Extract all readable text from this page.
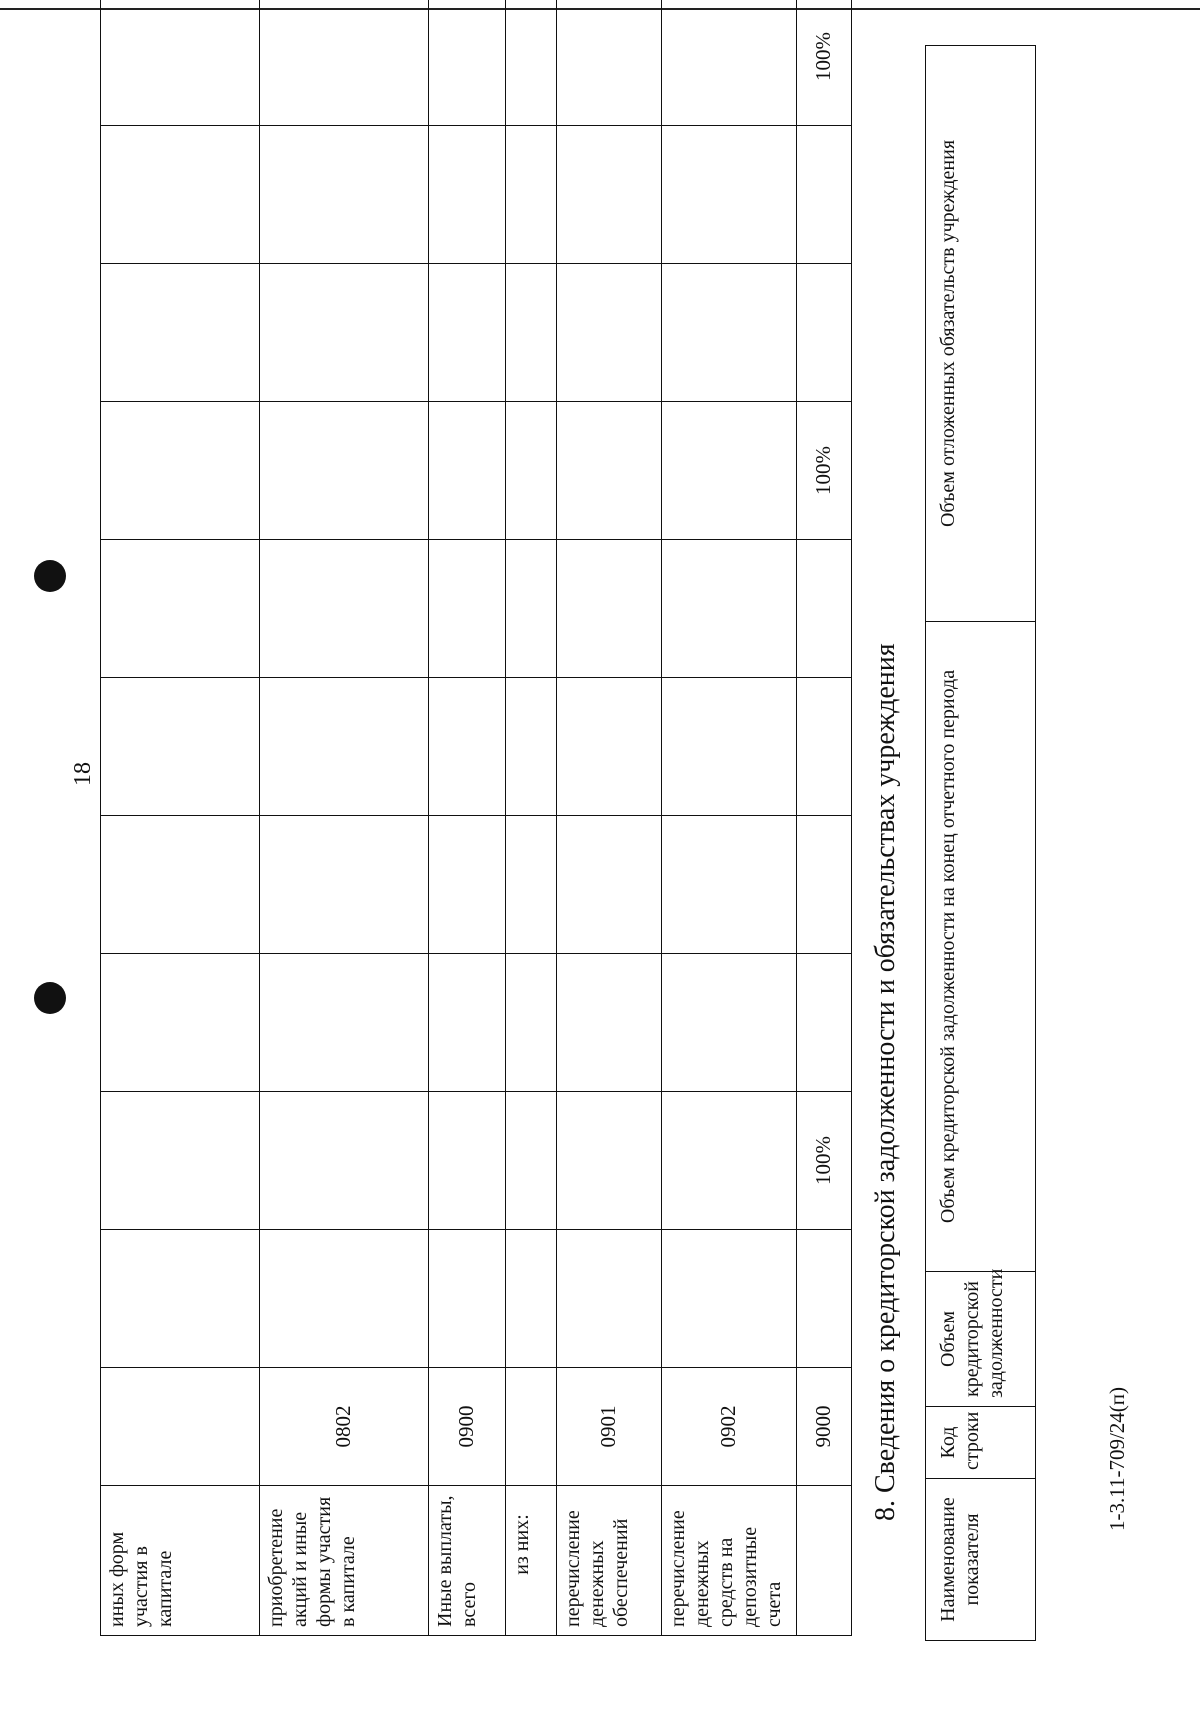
18
иных форм участия в капитале											
приобретение акций и иные формы участия в капитале	0802										
Иные выплаты, всего	0900										
из них:											
перечисление денежных обеспечений	0901										
перечисление денежных средств на депозитные счета	0902										
	9000		100%					100%			100%
8. Сведения о кредиторской задолженности и обязательствах учреждения
Наименование показателя	Код строки	Объем кредиторской задолженности	Объем кредиторской задолженности на конец отчетного периода	Объем отложенных обязательств учреждения
1-3.11-709/24(п)
